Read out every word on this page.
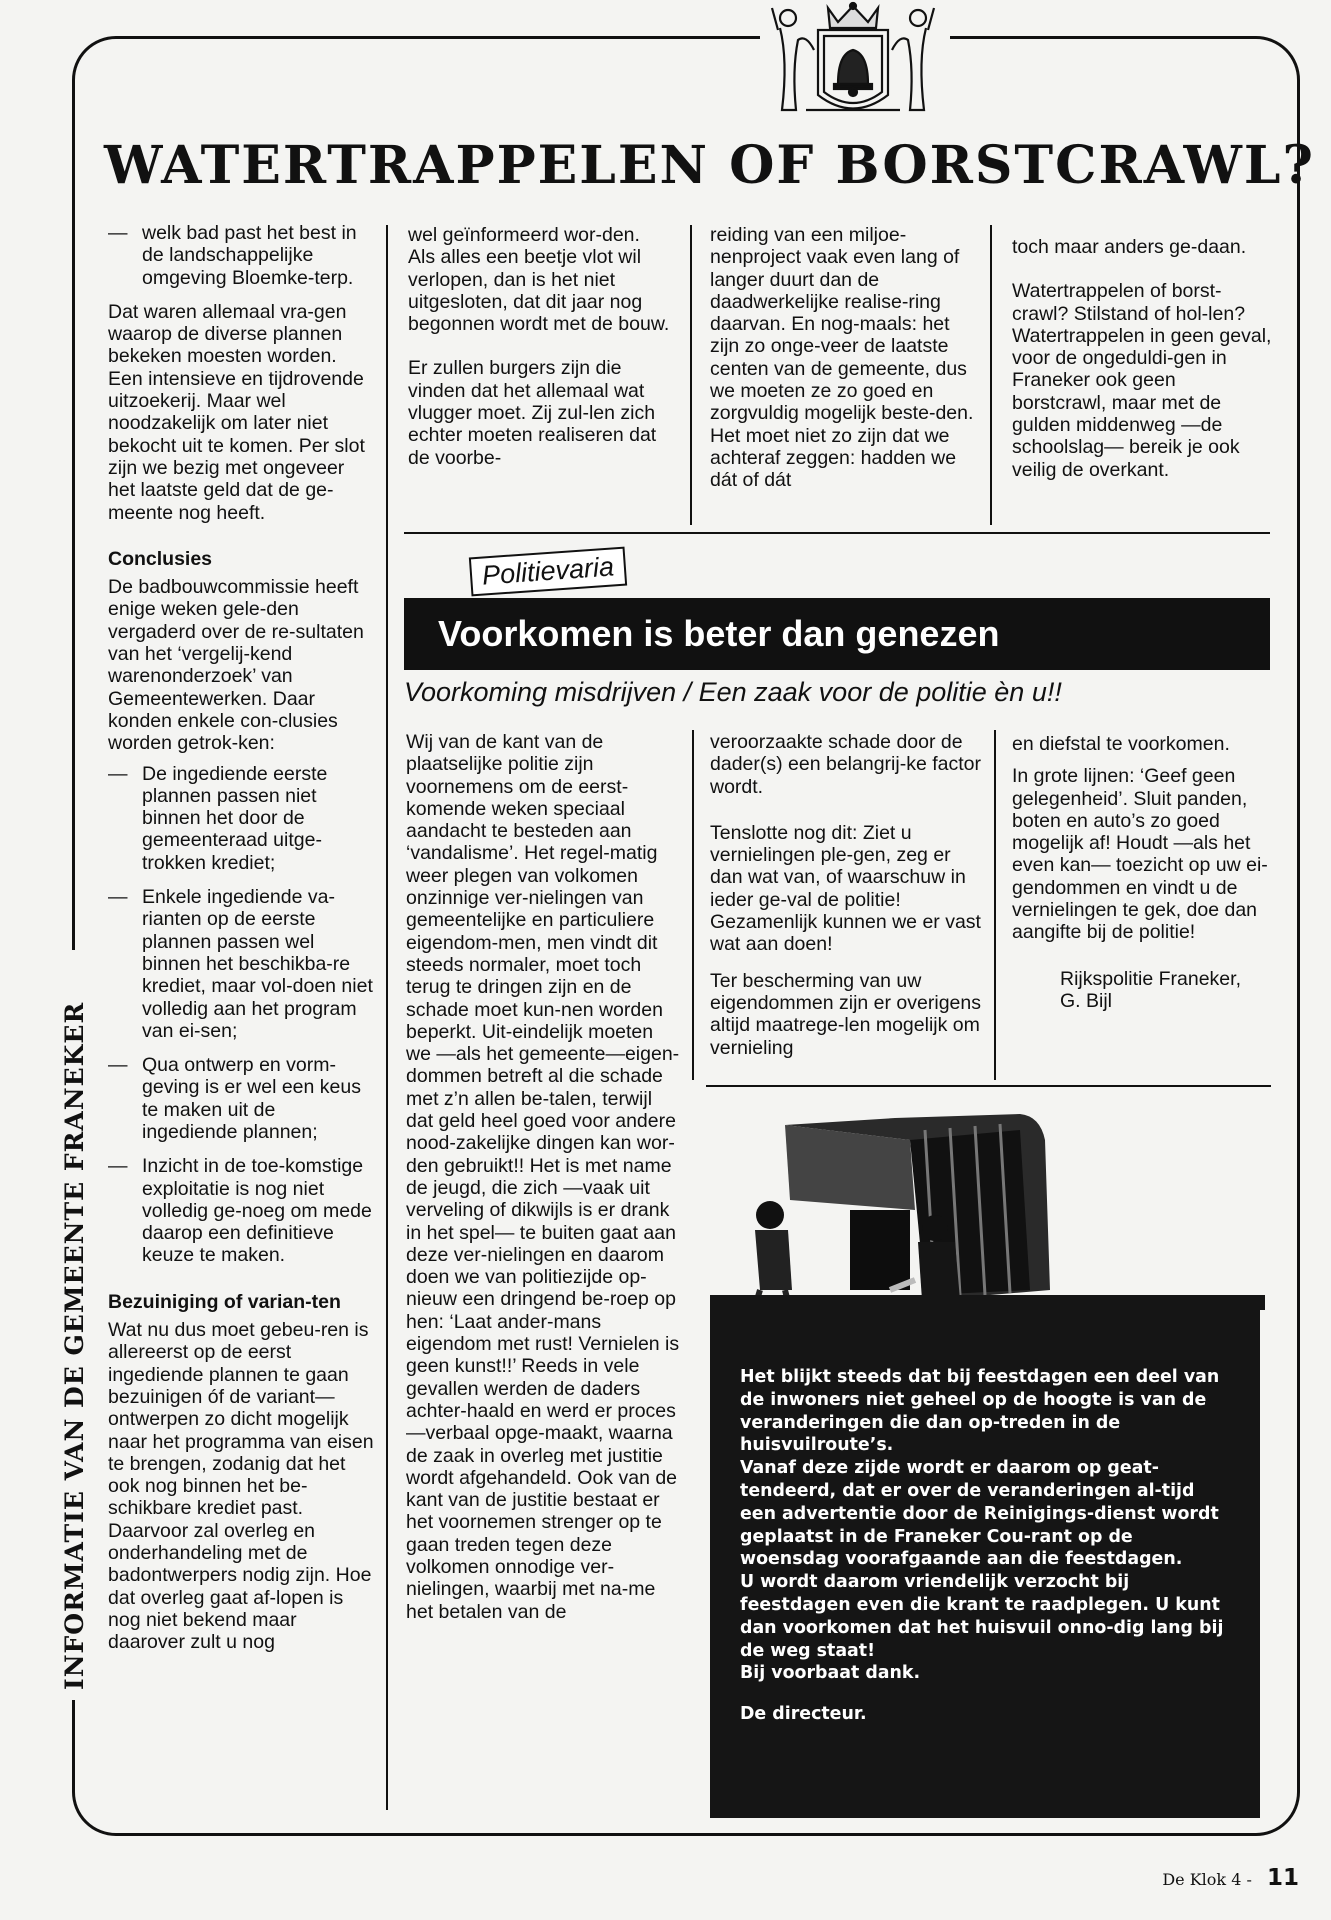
WATERTRAPPELEN OF BORSTCRAWL?
INFORMATIE VAN DE GEMEENTE FRANEKER

— welk bad past het best in de landschappelijke omgeving Bloemke-terp.

Dat waren allemaal vra-gen waarop de diverse plannen bekeken moesten worden. Een intensieve en tijdrovende uitzoekerij. Maar wel noodzakelijk om later niet bekocht uit te komen. Per slot zijn we bezig met ongeveer het laatste geld dat de ge-meente nog heeft.

Conclusies

De badbouwcommissie heeft enige weken gele-den vergaderd over de re-sultaten van het ‘vergelij-kend warenonderzoek’ van Gemeentewerken. Daar konden enkele con-clusies worden getrok-ken:

— De ingediende eerste plannen passen niet binnen het door de gemeenteraad uitge-trokken krediet;

— Enkele ingediende va-rianten op de eerste plannen passen wel binnen het beschikba-re krediet, maar vol-doen niet volledig aan het program van ei-sen;

— Qua ontwerp en vorm-geving is er wel een keus te maken uit de ingediende plannen;

— Inzicht in de toe-komstige exploitatie is nog niet volledig ge-noeg om mede daarop een definitieve keuze te maken.

Bezuiniging of varian-ten

Wat nu dus moet gebeu-ren is allereerst op de eerst ingediende plannen te gaan bezuinigen óf de variant—ontwerpen zo dicht mogelijk naar het programma van eisen te brengen, zodanig dat het ook nog binnen het be-schikbare krediet past. Daarvoor zal overleg en onderhandeling met de badontwerpers nodig zijn. Hoe dat overleg gaat af-lopen is nog niet bekend maar daarover zult u nog

wel geïnformeerd wor-den.

Als alles een beetje vlot wil verlopen, dan is het niet uitgesloten, dat dit jaar nog begonnen wordt met de bouw.

Er zullen burgers zijn die vinden dat het allemaal wat vlugger moet. Zij zul-len zich echter moeten realiseren dat de voorbe-

reiding van een miljoe-nenproject vaak even lang of langer duurt dan de daadwerkelijke realise-ring daarvan. En nog-maals: het zijn zo onge-veer de laatste centen van de gemeente, dus we moeten ze zo goed en zorgvuldig mogelijk beste-den. Het moet niet zo zijn dat we achteraf zeggen: hadden we dát of dát

toch maar anders ge-daan.

Watertrappelen of borst-crawl? Stilstand of hol-len?

Watertrappelen in geen geval, voor de ongeduldi-gen in Franeker ook geen borstcrawl, maar met de gulden middenweg —de schoolslag— bereik je ook veilig de overkant.

Politievaria
Voorkomen is beter dan genezen
Voorkoming misdrijven / Een zaak voor de politie èn u!!

Wij van de kant van de plaatselijke politie zijn voornemens om de eerst-komende weken speciaal aandacht te besteden aan ‘vandalisme’. Het regel-matig weer plegen van volkomen onzinnige ver-nielingen van gemeentelijke en particuliere eigendom-men, men vindt dit steeds normaler, moet toch terug te dringen zijn en de schade moet kun-nen worden beperkt. Uit-eindelijk moeten we —als het gemeente—eigen-dommen betreft al die schade met z’n allen be-talen, terwijl dat geld heel goed voor andere nood-zakelijke dingen kan wor-den gebruikt!! Het is met name de jeugd, die zich —vaak uit verveling of dikwijls is er drank in het spel— te buiten gaat aan deze ver-nielingen en daarom doen we van politiezijde op-nieuw een dringend be-roep op hen: ‘Laat ander-mans eigendom met rust! Vernielen is geen kunst!!’ Reeds in vele gevallen werden de daders achter-haald en werd er proces—verbaal opge-maakt, waarna de zaak in overleg met justitie wordt afgehandeld. Ook van de kant van de justitie bestaat er het voornemen strenger op te gaan treden tegen deze volkomen onnodige ver-nielingen, waarbij met na-me het betalen van de

veroorzaakte schade door de dader(s) een belangrij-ke factor wordt.

Tenslotte nog dit: Ziet u vernielingen ple-gen, zeg er dan wat van, of waarschuw in ieder ge-val de politie! Gezamenlijk kunnen we er vast wat aan doen!

Ter bescherming van uw eigendommen zijn er overigens altijd maatrege-len mogelijk om vernieling

en diefstal te voorkomen.

In grote lijnen: ‘Geef geen gelegenheid’. Sluit panden, boten en auto’s zo goed mogelijk af! Houdt —als het even kan— toezicht op uw ei-gendommen en vindt u de vernielingen te gek, doe dan aangifte bij de politie!

Rijkspolitie Franeker,

G. Bijl

Het blijkt steeds dat bij feestdagen een deel van de inwoners niet geheel op de hoogte is van de veranderingen die dan op-treden in de huisvuilroute’s.

Vanaf deze zijde wordt er daarom op geat-tendeerd, dat er over de veranderingen al-tijd een advertentie door de Reinigings-dienst wordt geplaatst in de Franeker Cou-rant op de woensdag voorafgaande aan die feestdagen.

U wordt daarom vriendelijk verzocht bij feestdagen even die krant te raadplegen. U kunt dan voorkomen dat het huisvuil onno-dig lang bij de weg staat!

Bij voorbaat dank.

De directeur.

De Klok 4 - 11
